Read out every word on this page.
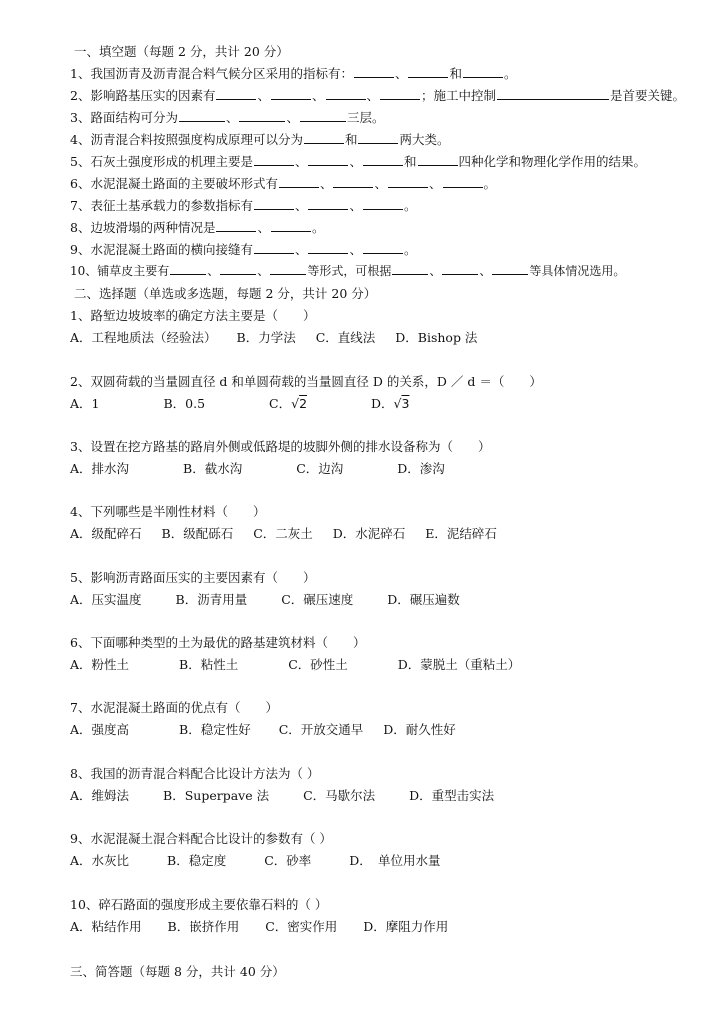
一、填空题（每题 2 分，共计 20 分）
1、我国沥青及沥青混合料气候分区采用的指标有：	、	和	。
2、影响路基压实的因素有	、	、	、	；施工中控制	是首要关键。
3、路面结构可分为	、	、	三层。
4、沥青混合料按照强度构成原理可以分为	和	两大类。
5、石灰土强度形成的机理主要是	、	、	和	四种化学和物理化学作用的结果。
6、水泥混凝土路面的主要破坏形式有	、	、	、	。
7、表征土基承载力的参数指标有	、	、	。
8、边坡滑塌的两种情况是	、	。
9、水泥混凝土路面的横向接缝有	、	、	。
10、铺草皮主要有	、	、	等形式，可根据	、	、	等具体情况选用。
二、选择题（单选或多选题，每题 2 分，共计 20 分）
1、路堑边坡坡率的确定方法主要是（　　）
A．工程地质法（经验法） B．力学法 C．直线法 D．Bishop 法
2、双圆荷载的当量圆直径 d 和单圆荷载的当量圆直径 D 的关系，D ／ d ＝（　　）
A．1	B．0.5	C．√2	D．√3
3、设置在挖方路基的路肩外侧或低路堤的坡脚外侧的排水设备称为（　　）
A．排水沟	B．截水沟	C．边沟	D．渗沟
4、下列哪些是半刚性材料（　　）
A．级配碎石 B．级配砾石 C．二灰土 D．水泥碎石 E．泥结碎石
5、影响沥青路面压实的主要因素有（　　）
A．压实温度	B．沥青用量	C．碾压速度	D．碾压遍数
6、下面哪种类型的土为最优的路基建筑材料（　　）
A．粉性土	B．粘性土	C．砂性土	D．蒙脱土（重粘土）
7、水泥混凝土路面的优点有（　　）
A．强度高	B．稳定性好 C．开放交通早 D．耐久性好
8、我国的沥青混合料配合比设计方法为（ ）
A．维姆法	B．Superpave 法	C．马歇尔法	D．重型击实法
9、水泥混凝土混合料配合比设计的参数有（ ）
A．水灰比	B．稳定度	C．砂率	D．　单位用水量
10、碎石路面的强度形成主要依靠石料的（ ）
A．粘结作用 B．嵌挤作用 C．密实作用 D．摩阻力作用
三、简答题（每题 8 分，共计 40 分）
